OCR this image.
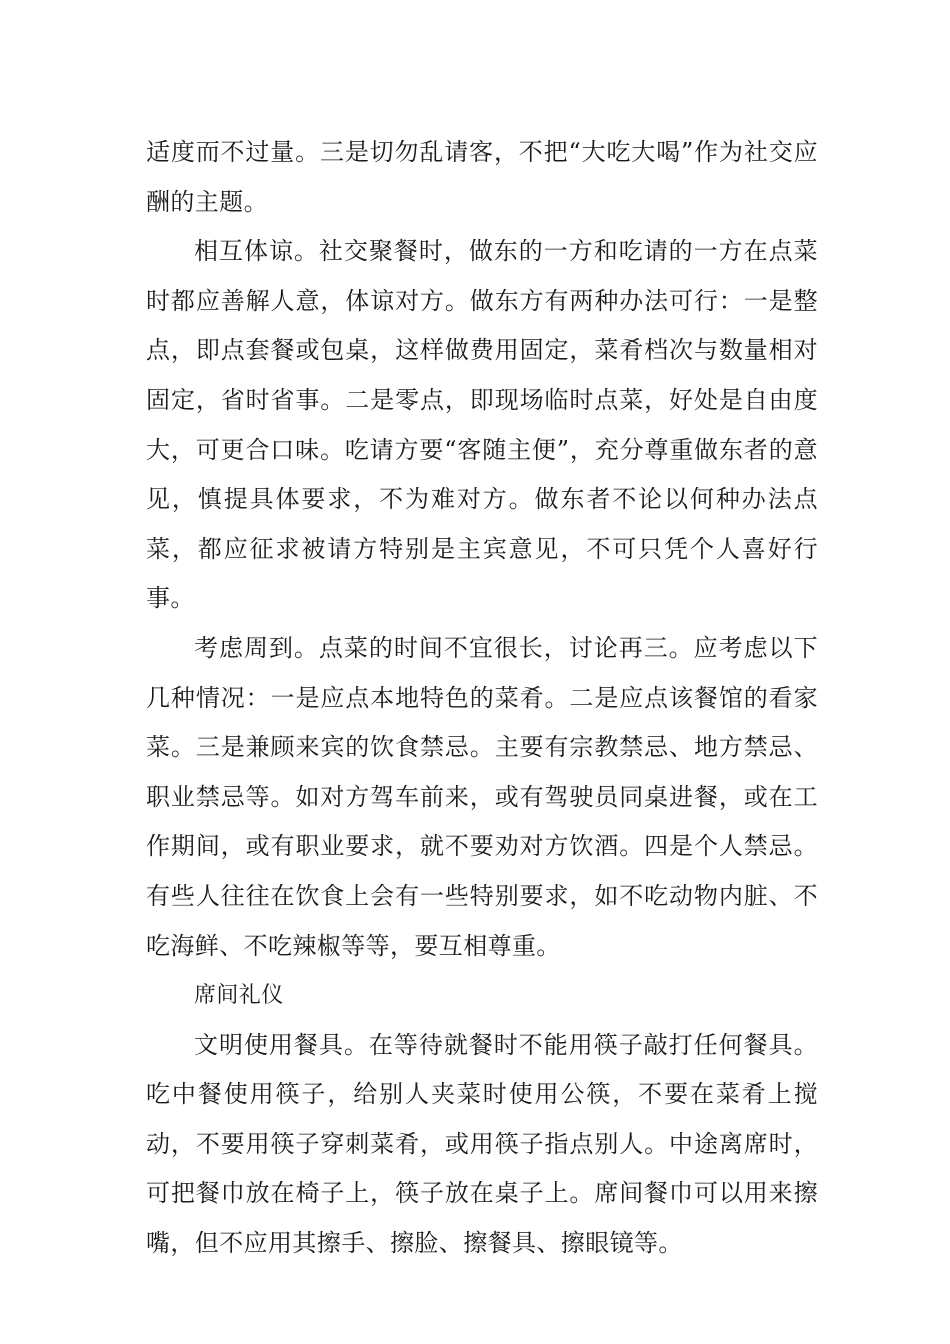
适度而不过量。三是切勿乱请客，不把“大吃大喝”作为社交应酬的主题。

相互体谅。社交聚餐时，做东的一方和吃请的一方在点菜时都应善解人意，体谅对方。做东方有两种办法可行：一是整点，即点套餐或包桌，这样做费用固定，菜肴档次与数量相对固定，省时省事。二是零点，即现场临时点菜，好处是自由度大，可更合口味。吃请方要“客随主便”，充分尊重做东者的意见，慎提具体要求，不为难对方。做东者不论以何种办法点菜，都应征求被请方特别是主宾意见，不可只凭个人喜好行事。

考虑周到。点菜的时间不宜很长，讨论再三。应考虑以下几种情况：一是应点本地特色的菜肴。二是应点该餐馆的看家菜。三是兼顾来宾的饮食禁忌。主要有宗教禁忌、地方禁忌、职业禁忌等。如对方驾车前来，或有驾驶员同桌进餐，或在工作期间，或有职业要求，就不要劝对方饮酒。四是个人禁忌。有些人往往在饮食上会有一些特别要求，如不吃动物内脏、不吃海鲜、不吃辣椒等等，要互相尊重。

席间礼仪

文明使用餐具。在等待就餐时不能用筷子敲打任何餐具。吃中餐使用筷子，给别人夹菜时使用公筷，不要在菜肴上搅动，不要用筷子穿刺菜肴，或用筷子指点别人。中途离席时，可把餐巾放在椅子上，筷子放在桌子上。席间餐巾可以用来擦嘴，但不应用其擦手、擦脸、擦餐具、擦眼镜等。
